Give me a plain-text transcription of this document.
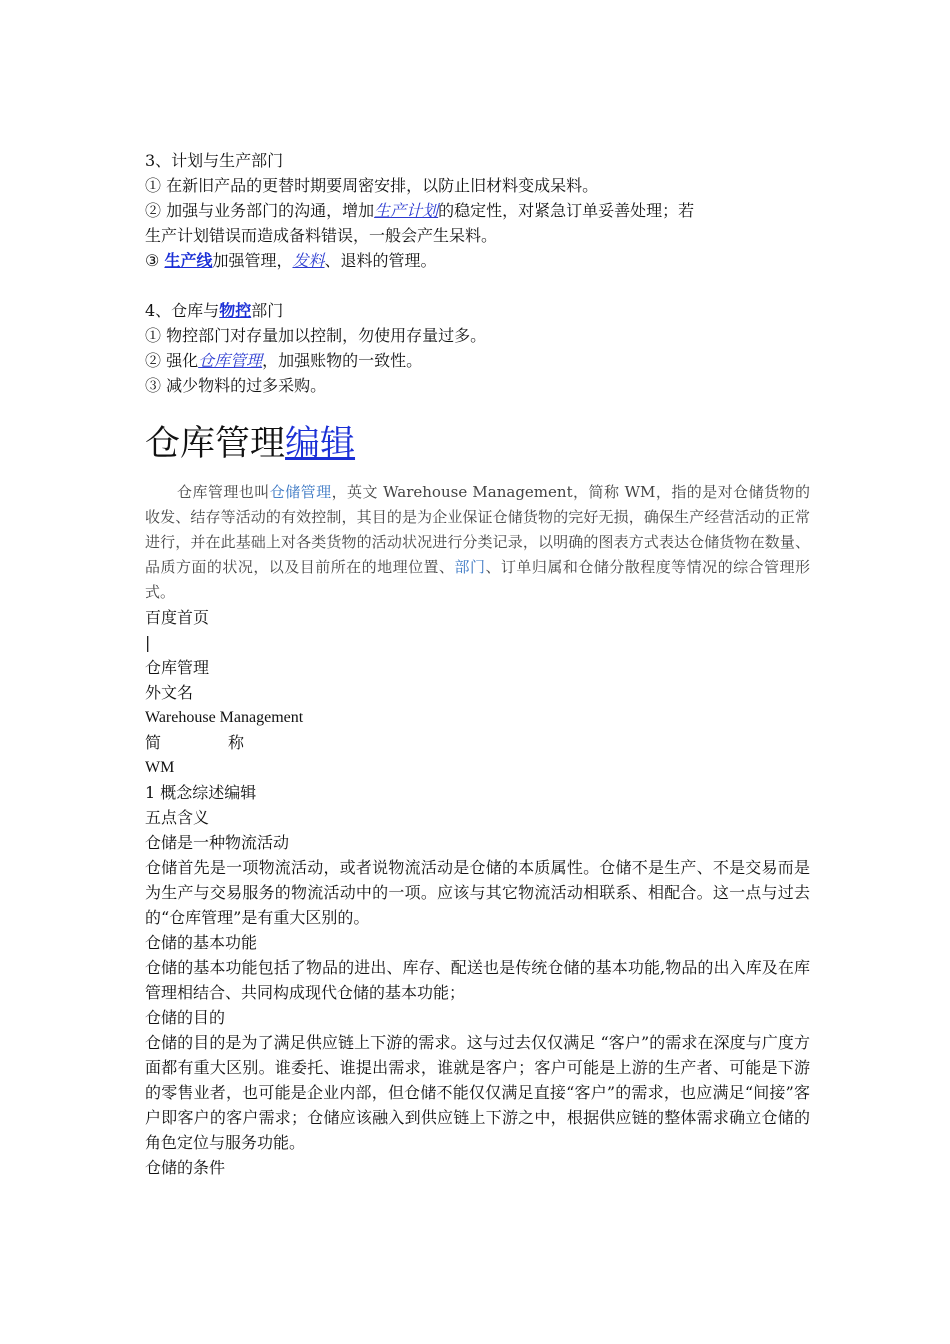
3、计划与生产部门
① 在新旧产品的更替时期要周密安排，以防止旧材料变成呆料。
② 加强与业务部门的沟通，增加生产计划的稳定性，对紧急订单妥善处理；若
生产计划错误而造成备料错误，一般会产生呆料。
③ 生产线加强管理，发料、退料的管理。
4、仓库与物控部门
① 物控部门对存量加以控制，勿使用存量过多。
② 强化仓库管理，加强账物的一致性。
③ 减少物料的过多采购。
仓库管理编辑
仓库管理也叫仓储管理，英文 Warehouse Management，简称 WM，指的是对仓储货物的收发、结存等活动的有效控制，其目的是为企业保证仓储货物的完好无损，确保生产经营活动的正常进行，并在此基础上对各类货物的活动状况进行分类记录，以明确的图表方式表达仓储货物在数量、品质方面的状况，以及目前所在的地理位置、部门、订单归属和仓储分散程度等情况的综合管理形式。
百度首页
|
仓库管理
外文名
Warehouse Management
简	称
WM
1 概念综述编辑
五点含义
仓储是一种物流活动
仓储首先是一项物流活动，或者说物流活动是仓储的本质属性。仓储不是生产、不是交易而是为生产与交易服务的物流活动中的一项。应该与其它物流活动相联系、相配合。这一点与过去的“仓库管理”是有重大区别的。
仓储的基本功能
仓储的基本功能包括了物品的进出、库存、配送也是传统仓储的基本功能,物品的出入库及在库管理相结合、共同构成现代仓储的基本功能；
仓储的目的
仓储的目的是为了满足供应链上下游的需求。这与过去仅仅满足 “客户”的需求在深度与广度方面都有重大区别。谁委托、谁提出需求，谁就是客户；客户可能是上游的生产者、可能是下游的零售业者，也可能是企业内部，但仓储不能仅仅满足直接“客户”的需求，也应满足“间接”客户即客户的客户需求；仓储应该融入到供应链上下游之中，根据供应链的整体需求确立仓储的角色定位与服务功能。
仓储的条件
